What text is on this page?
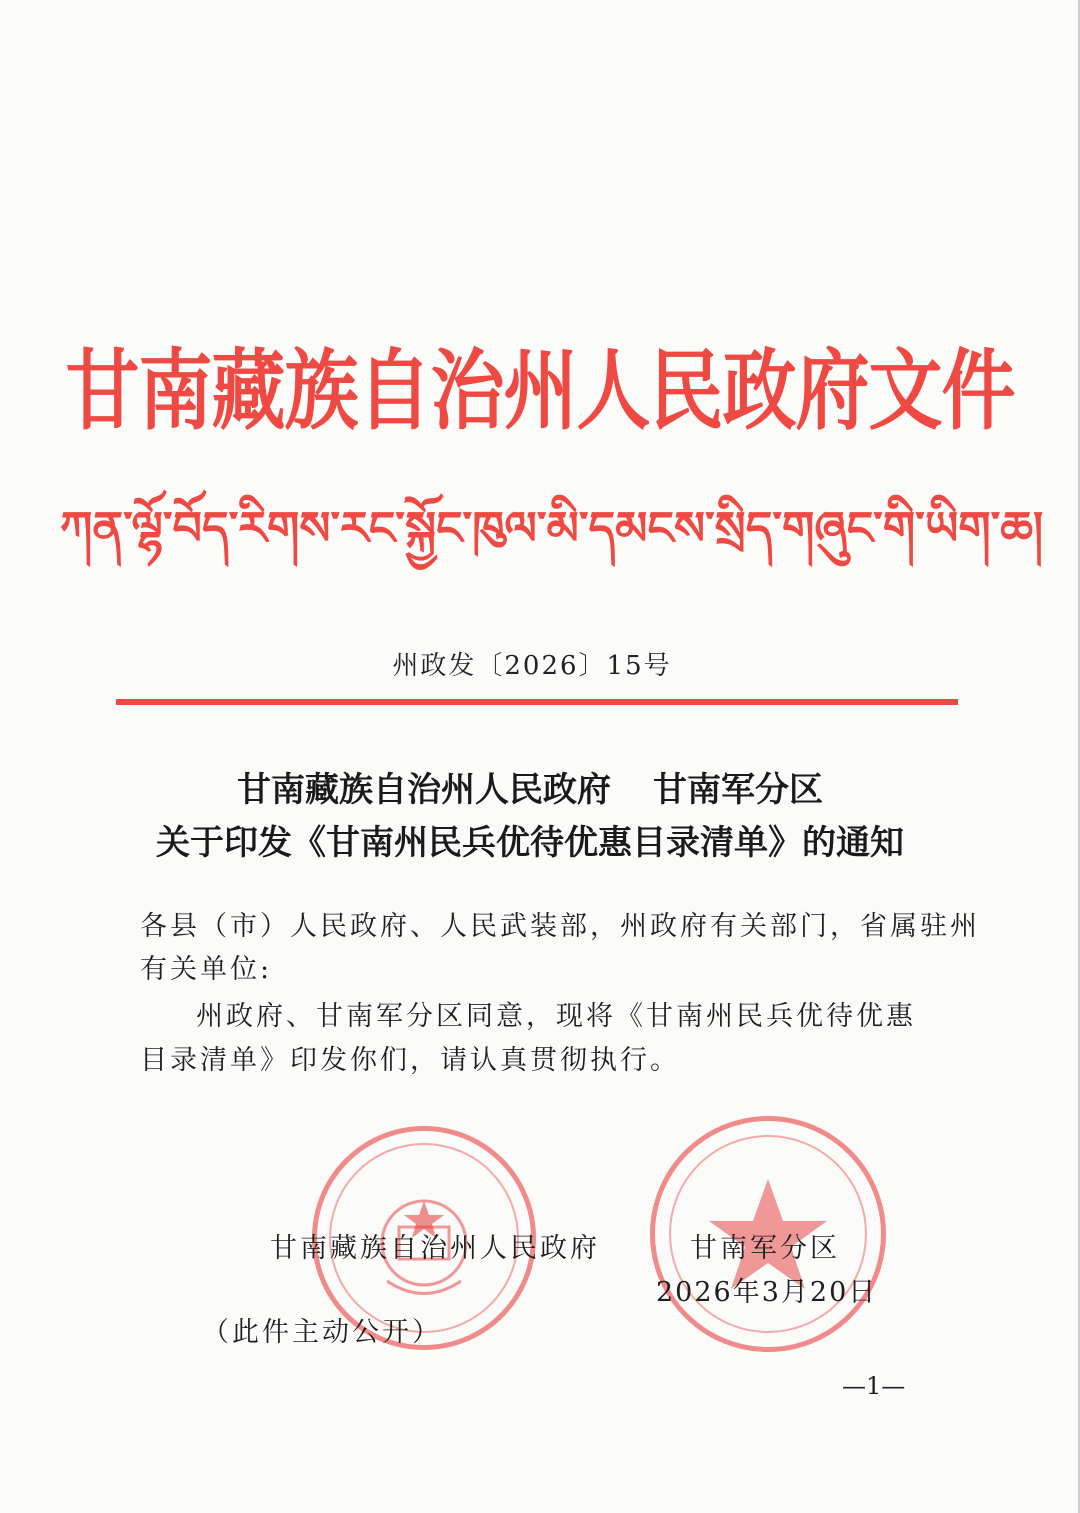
甘南藏族自治州人民政府文件
ཀན་ལྷོ་བོད་རིགས་རང་སྐྱོང་ཁུལ་མི་དམངས་སྲིད་གཞུང་གི་ཡིག་ཆ།
州政发〔2026〕15号
甘南藏族自治州人民政府 甘南军分区
关于印发《甘南州民兵优待优惠目录清单》的通知
各县（市）人民政府、人民武装部，州政府有关部门，省属驻州
有关单位:
州政府、甘南军分区同意，现将《甘南州民兵优待优惠
目录清单》印发你们，请认真贯彻执行。
甘南藏族自治州人民政府	甘南军分区
2026年3月20日
（此件主动公开）
—1—
